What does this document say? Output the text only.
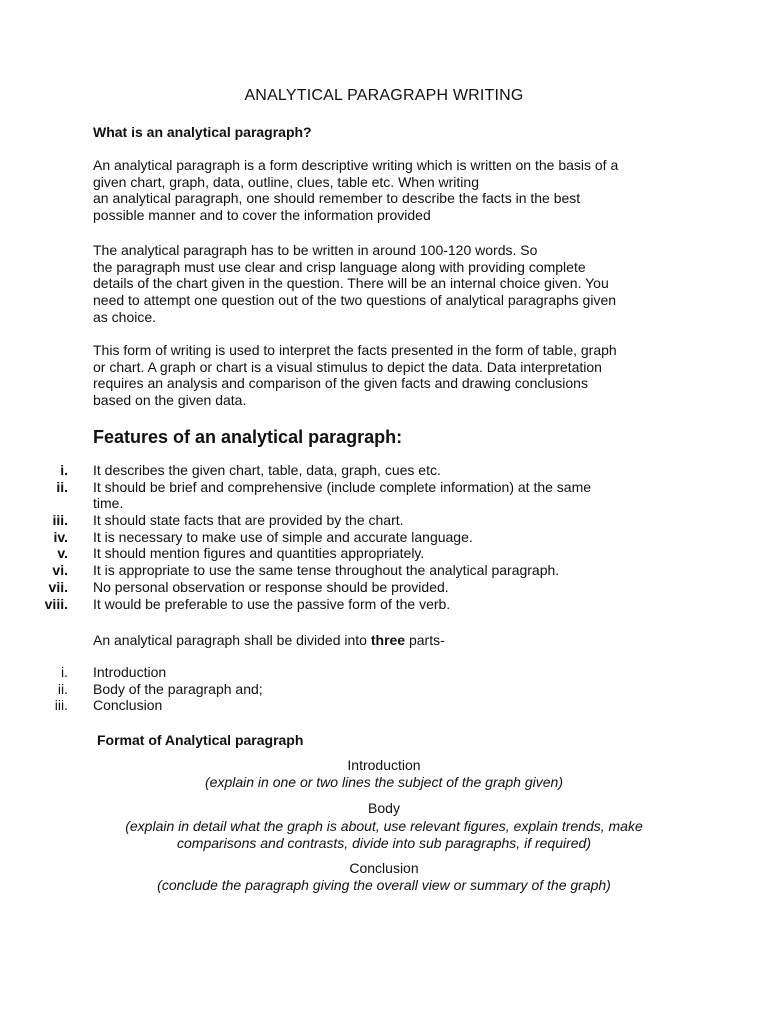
ANALYTICAL PARAGRAPH WRITING
What is an analytical paragraph?
An analytical paragraph is a form descriptive writing which is written on the basis of a
given chart, graph, data, outline, clues, table etc. When writing
an analytical paragraph, one should remember to describe the facts in the best
possible manner and to cover the information provided
The analytical paragraph has to be written in around 100-120 words. So
the paragraph must use clear and crisp language along with providing complete
details of the chart given in the question. There will be an internal choice given. You
need to attempt one question out of the two questions of analytical paragraphs given
as choice.
This form of writing is used to interpret the facts presented in the form of table, graph
or chart. A graph or chart is a visual stimulus to depict the data. Data interpretation
requires an analysis and comparison of the given facts and drawing conclusions
based on the given data.
Features of an analytical paragraph:
i. It describes the given chart, table, data, graph, cues etc.
ii. It should be brief and comprehensive (include complete information) at the same
time.
iii. It should state facts that are provided by the chart.
iv. It is necessary to make use of simple and accurate language.
v. It should mention figures and quantities appropriately.
vi. It is appropriate to use the same tense throughout the analytical paragraph.
vii. No personal observation or response should be provided.
viii. It would be preferable to use the passive form of the verb.
An analytical paragraph shall be divided into three parts-
i. Introduction
ii. Body of the paragraph and;
iii. Conclusion
Format of Analytical paragraph
Introduction
(explain in one or two lines the subject of the graph given)
Body
(explain in detail what the graph is about, use relevant figures, explain trends, make
comparisons and contrasts, divide into sub paragraphs, if required)
Conclusion
(conclude the paragraph giving the overall view or summary of the graph)
